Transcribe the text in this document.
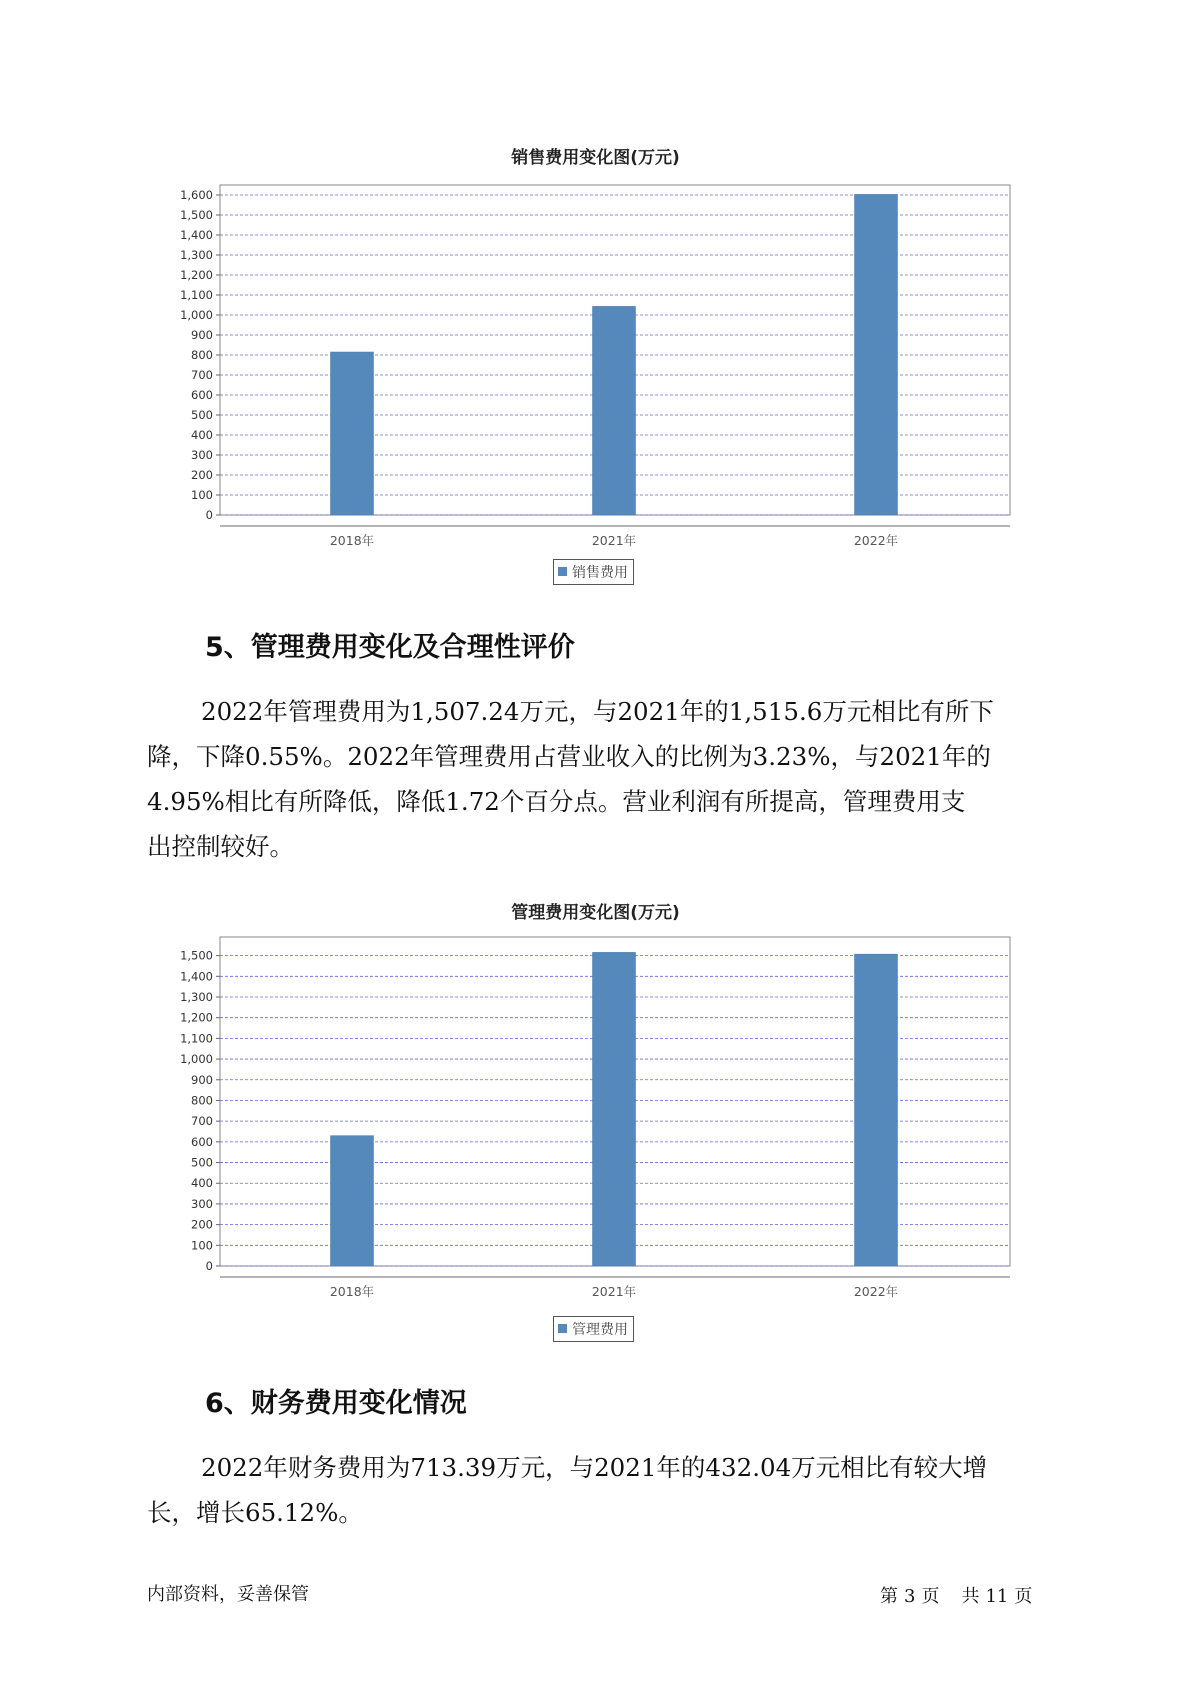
销售费用变化图(万元)
0
100
200
300
400
500
600
700
800
900
1,000
1,100
1,200
1,300
1,400
1,500
1,600
2018年	2021年	2022年
销售费用
5、管理费用变化及合理性评价
2022年管理费用为1,507.24万元，与2021年的1,515.6万元相比有所下
降，下降0.55%。2022年管理费用占营业收入的比例为3.23%，与2021年的
4.95%相比有所降低，降低1.72个百分点。营业利润有所提高，管理费用支
出控制较好。
管理费用变化图(万元)
0
100
200
300
400
500
600
700
800
900
1,000
1,100
1,200
1,300
1,400
1,500
2018年	2021年	2022年
管理费用
6、财务费用变化情况
2022年财务费用为713.39万元，与2021年的432.04万元相比有较大增
长，增长65.12%。
内部资料，妥善保管	第 3 页 共 11 页
